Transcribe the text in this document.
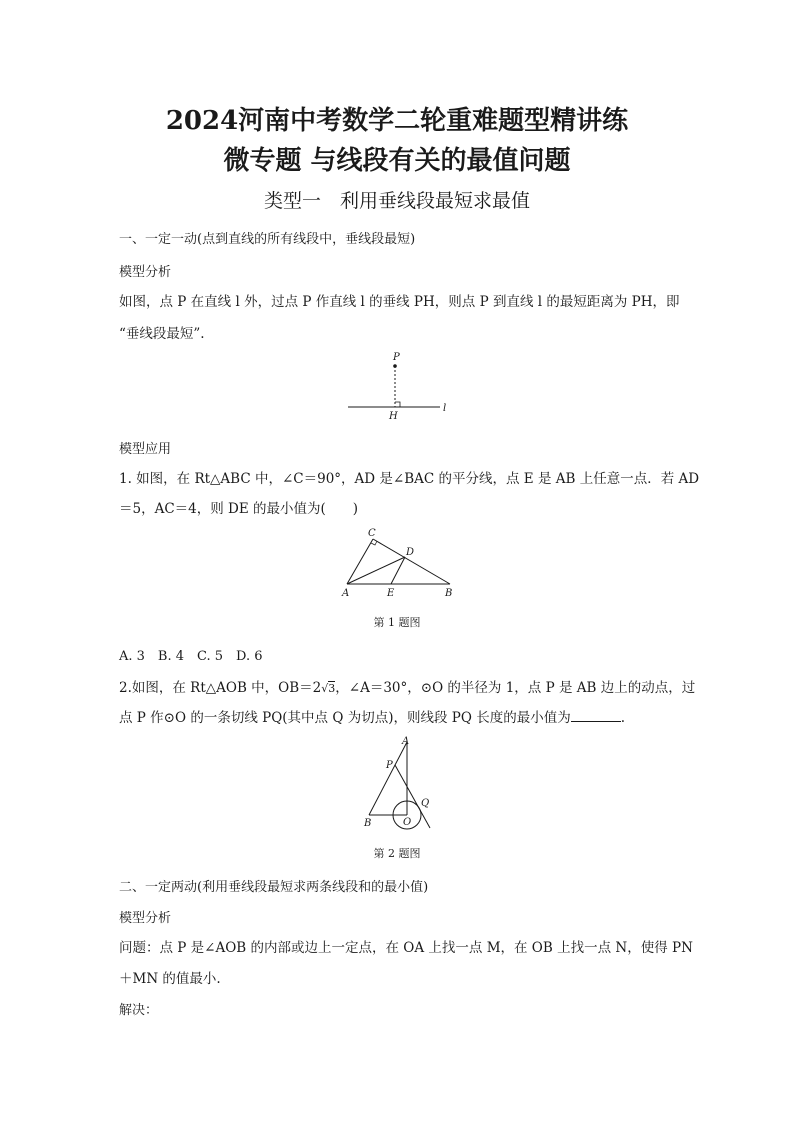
2024河南中考数学二轮重难题型精讲练
微专题 与线段有关的最值问题
类型一　利用垂线段最短求最值
一、一定一动(点到直线的所有线段中，垂线段最短)
模型分析
如图，点 P 在直线 l 外，过点 P 作直线 l 的垂线 PH，则点 P 到直线 l 的最短距离为 PH，即
“垂线段最短”.
P
H
l
模型应用
1. 如图，在 Rt△ABC 中，∠C＝90°，AD 是∠BAC 的平分线，点 E 是 AB 上任意一点．若 AD
＝5，AC＝4，则 DE 的最小值为(　　)
C
D
A	E	B
第 1 题图
A. 3　B. 4　C. 5　D. 6
2.如图，在 Rt△AOB 中，OB＝2√3，∠A＝30°，⊙O 的半径为 1，点 P 是 AB 边上的动点，过
点 P 作⊙O 的一条切线 PQ(其中点 Q 为切点)，则线段 PQ 长度的最小值为	.
A
P
Q
B	O
第 2 题图
二、一定两动(利用垂线段最短求两条线段和的最小值)
模型分析
问题：点 P 是∠AOB 的内部或边上一定点，在 OA 上找一点 M，在 OB 上找一点 N，使得 PN
＋MN 的值最小.
解决：
